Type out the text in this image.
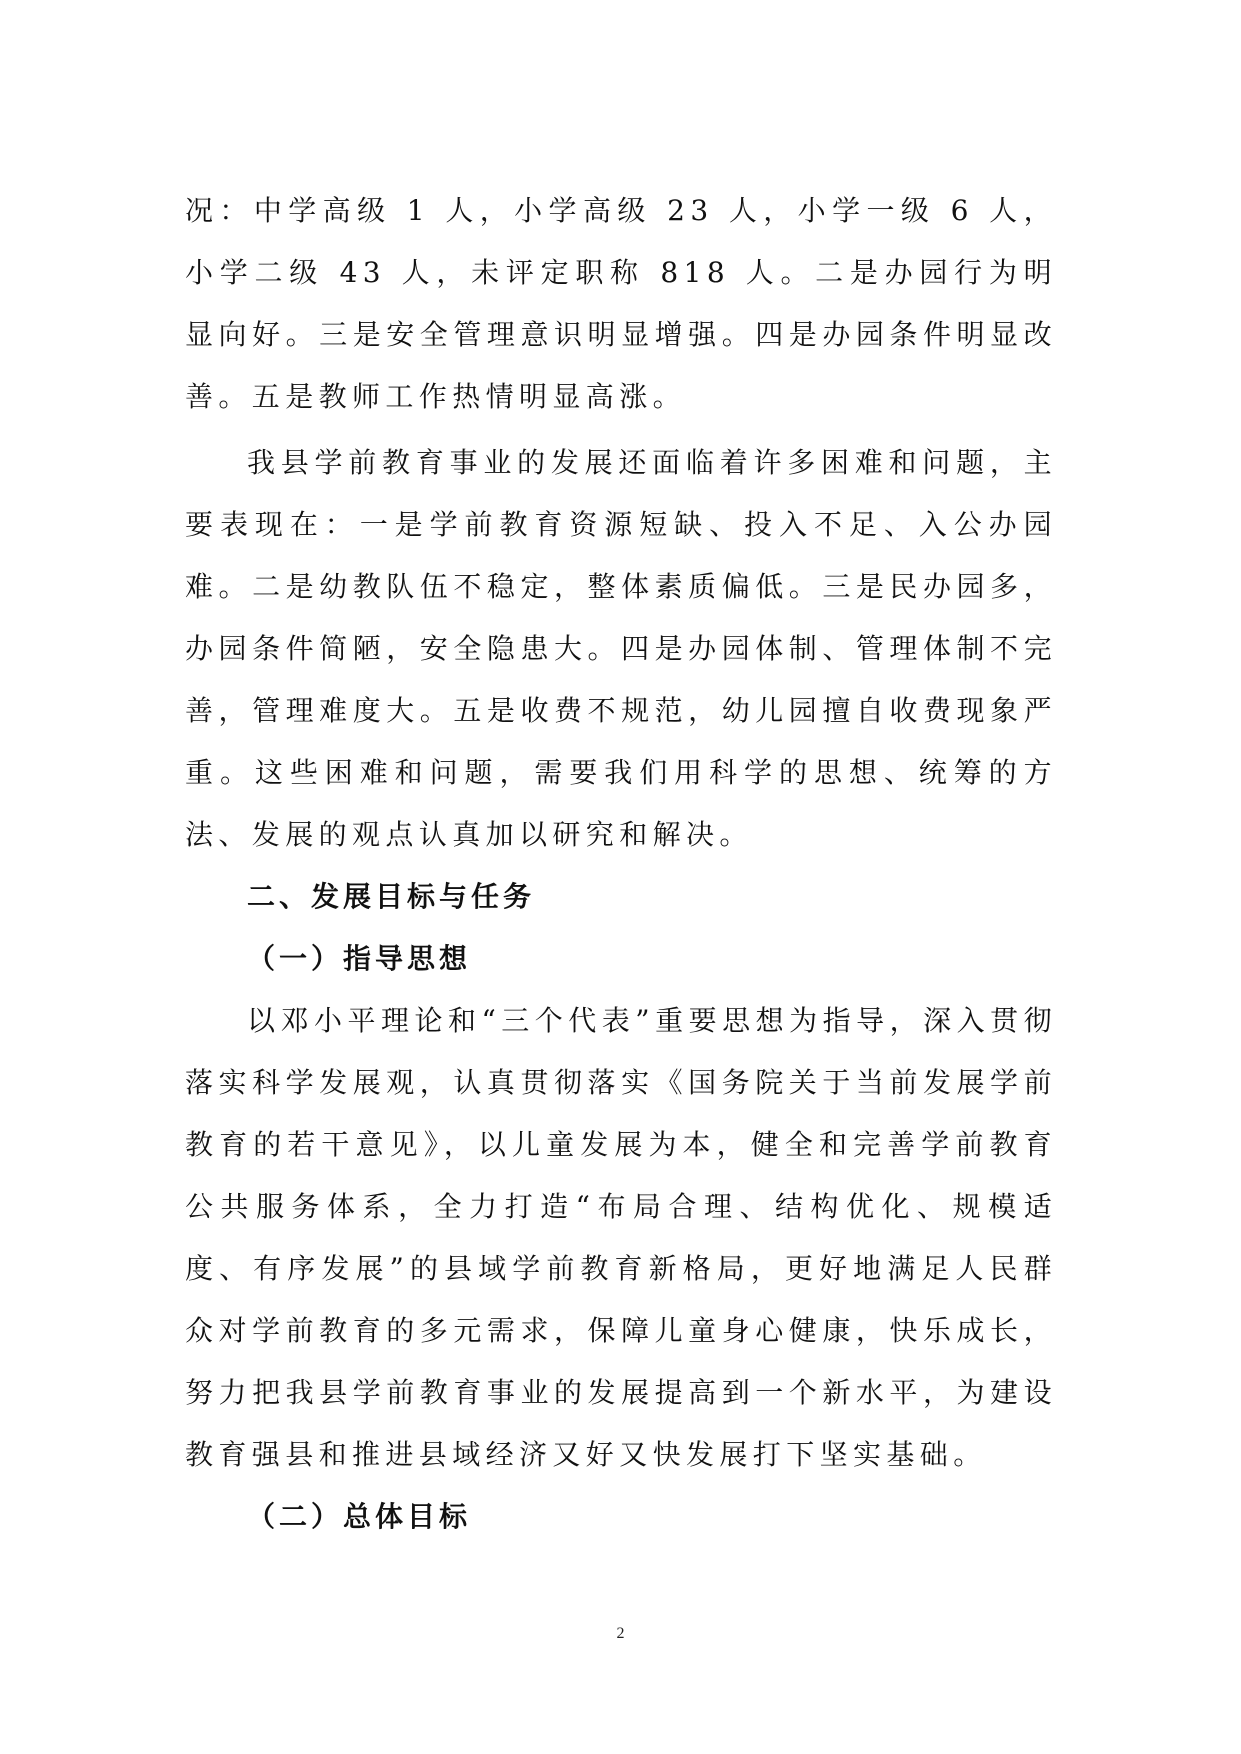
况：中学高级 1 人，小学高级 23 人，小学一级 6 人，小学二级 43 人，未评定职称 818 人。二是办园行为明显向好。三是安全管理意识明显增强。四是办园条件明显改善。五是教师工作热情明显高涨。

我县学前教育事业的发展还面临着许多困难和问题，主要表现在：一是学前教育资源短缺、投入不足、入公办园难。二是幼教队伍不稳定，整体素质偏低。三是民办园多，办园条件简陋，安全隐患大。四是办园体制、管理体制不完善，管理难度大。五是收费不规范，幼儿园擅自收费现象严重。这些困难和问题，需要我们用科学的思想、统筹的方法、发展的观点认真加以研究和解决。

二、发展目标与任务
（一）指导思想

以邓小平理论和“三个代表”重要思想为指导，深入贯彻落实科学发展观，认真贯彻落实《国务院关于当前发展学前教育的若干意见》，以儿童发展为本，健全和完善学前教育公共服务体系，全力打造“布局合理、结构优化、规模适度、有序发展”的县域学前教育新格局，更好地满足人民群众对学前教育的多元需求，保障儿童身心健康，快乐成长，努力把我县学前教育事业的发展提高到一个新水平，为建设教育强县和推进县域经济又好又快发展打下坚实基础。

（二）总体目标
2
